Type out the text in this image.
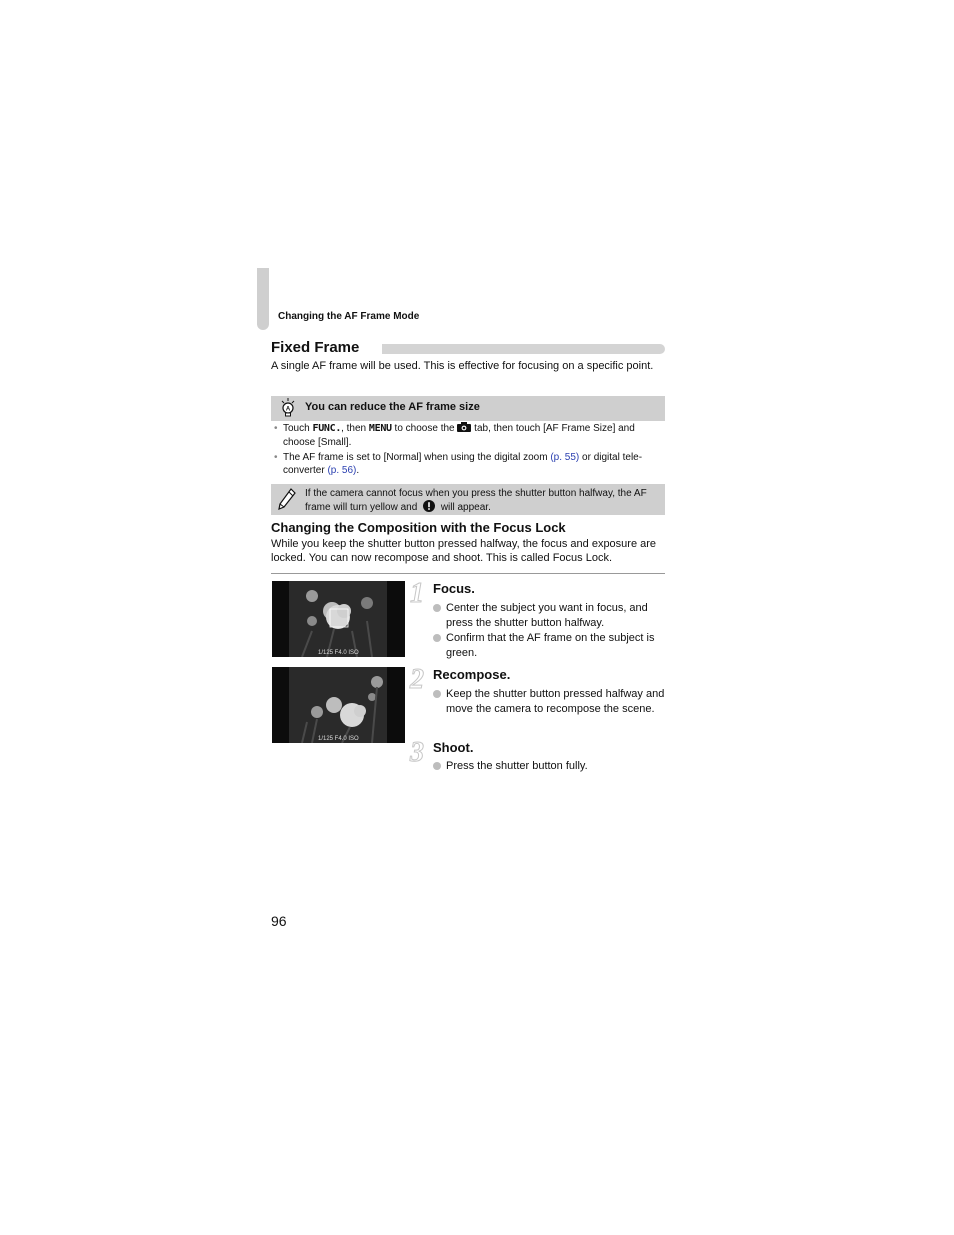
Changing the AF Frame Mode
Fixed Frame
A single AF frame will be used. This is effective for focusing on a specific point.
A You can reduce the AF frame size
• Touch FUNC., then MENU to choose the  tab, then touch [AF Frame Size] and choose [Small].
• The AF frame is set to [Normal] when using the digital zoom (p. 55) or digital tele-converter (p. 56).
If the camera cannot focus when you press the shutter button halfway, the AF frame will turn yellow and  will appear.
Changing the Composition with the Focus Lock
While you keep the shutter button pressed halfway, the focus and exposure are locked. You can now recompose and shoot. This is called Focus Lock.
1/125 F4.0 ISO
1/125 F4.0 ISO
1 Focus.
Center the subject you want in focus, and press the shutter button halfway.
Confirm that the AF frame on the subject is green.
2 Recompose.
Keep the shutter button pressed halfway and move the camera to recompose the scene.
3 Shoot.
Press the shutter button fully.
96
